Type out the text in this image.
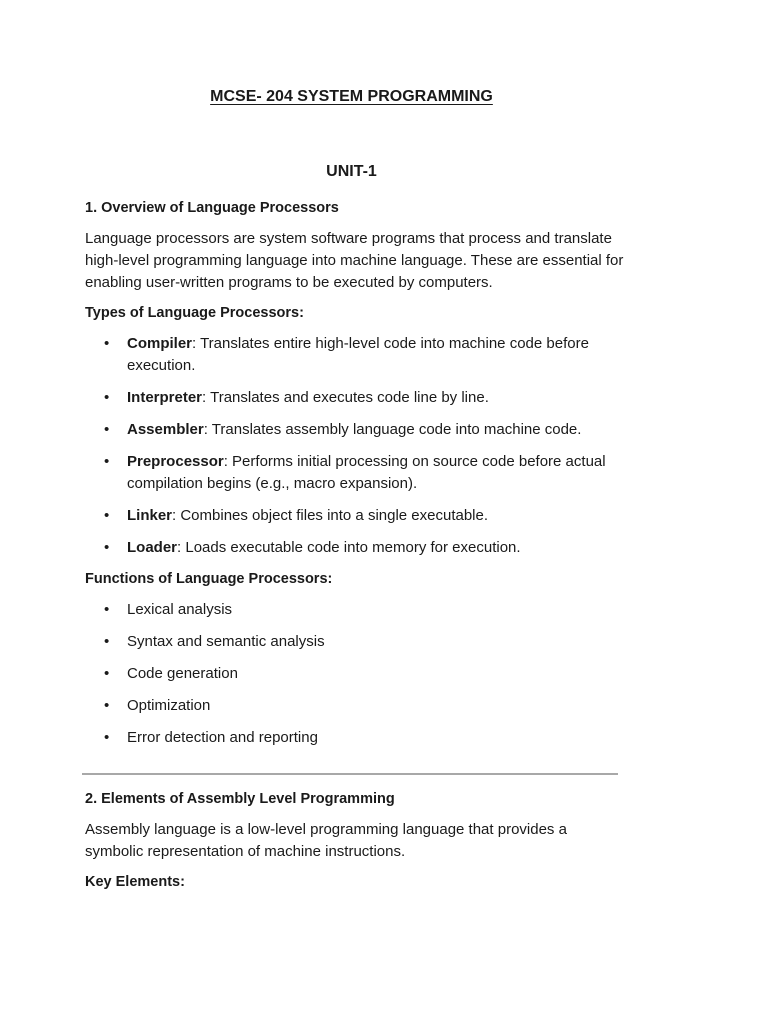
MCSE- 204 SYSTEM PROGRAMMING
UNIT-1
1. Overview of Language Processors

Language processors are system software programs that process and translate high-level programming language into machine language. These are essential for enabling user-written programs to be executed by computers.

Types of Language Processors:
• Compiler: Translates entire high-level code into machine code before execution.
• Interpreter: Translates and executes code line by line.
• Assembler: Translates assembly language code into machine code.
• Preprocessor: Performs initial processing on source code before actual compilation begins (e.g., macro expansion).
• Linker: Combines object files into a single executable.
• Loader: Loads executable code into memory for execution.
Functions of Language Processors:
• Lexical analysis
• Syntax and semantic analysis
• Code generation
• Optimization
• Error detection and reporting
2. Elements of Assembly Level Programming

Assembly language is a low-level programming language that provides a symbolic representation of machine instructions.

Key Elements:
